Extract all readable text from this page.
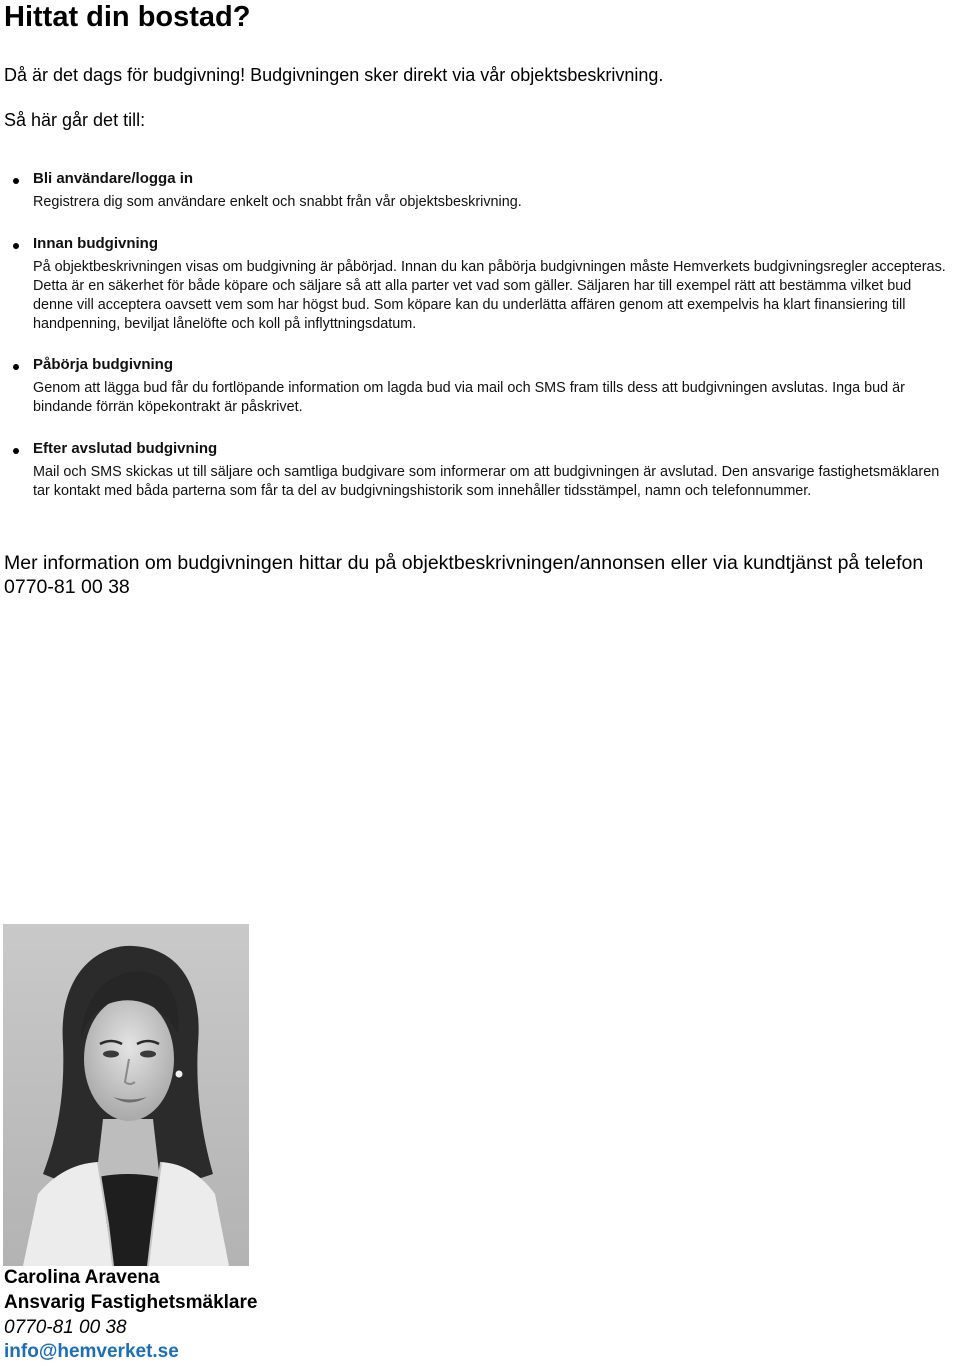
Hittat din bostad?

Då är det dags för budgivning! Budgivningen sker direkt via vår objektsbeskrivning.

Så här går det till:

Bli användare/logga in

Registrera dig som användare enkelt och snabbt från vår objektsbeskrivning.

Innan budgivning

På objektbeskrivningen visas om budgivning är påbörjad. Innan du kan påbörja budgivningen måste Hemverkets budgivningsregler accepteras. Detta är en säkerhet för både köpare och säljare så att alla parter vet vad som gäller. Säljaren har till exempel rätt att bestämma vilket bud denne vill acceptera oavsett vem som har högst bud. Som köpare kan du underlätta affären genom att exempelvis ha klart finansiering till handpenning, beviljat lånelöfte och koll på inflyttningsdatum.

Påbörja budgivning

Genom att lägga bud får du fortlöpande information om lagda bud via mail och SMS fram tills dess att budgivningen avslutas. Inga bud är bindande förrän köpekontrakt är påskrivet.

Efter avslutad budgivning

Mail och SMS skickas ut till säljare och samtliga budgivare som informerar om att budgivningen är avslutad. Den ansvarige fastighetsmäklaren tar kontakt med båda parterna som får ta del av budgivningshistorik som innehåller tidsstämpel, namn och telefonnummer.

Mer information om budgivningen hittar du på objektbeskrivningen/annonsen eller via kundtjänst på telefon 0770-81 00 38

Carolina Aravena

Ansvarig Fastighetsmäklare

0770-81 00 38

info@hemverket.se
